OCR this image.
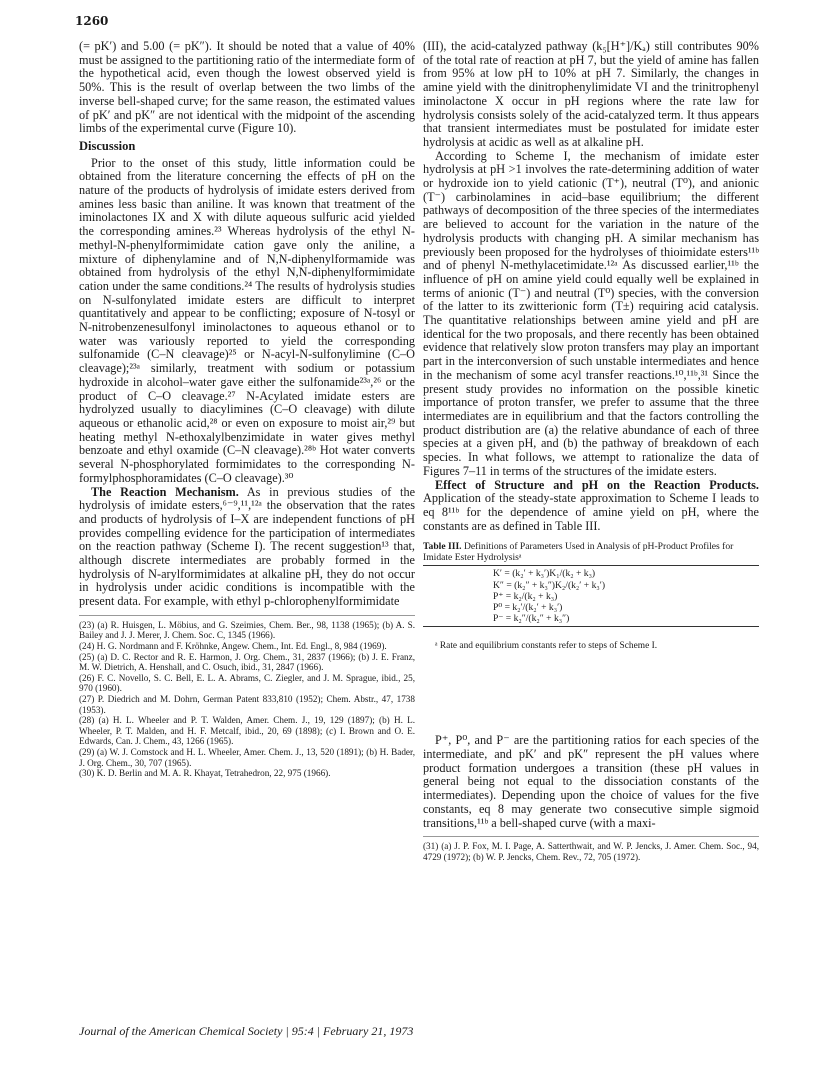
1260

(= pK′) and 5.00 (= pK″). It should be noted that a value of 40% must be assigned to the partitioning ratio of the intermediate form of the hypothetical acid, even though the lowest observed yield is 50%. This is the result of overlap between the two limbs of the inverse bell-shaped curve; for the same reason, the estimated values of pK′ and pK″ are not identical with the midpoint of the ascending limbs of the experimental curve (Figure 10).

Discussion

Prior to the onset of this study, little information could be obtained from the literature concerning the effects of pH on the nature of the products of hydrolysis of imidate esters derived from amines less basic than aniline. It was known that treatment of the iminolactones IX and X with dilute aqueous sulfuric acid yielded the corresponding amines.²³ Whereas hydrolysis of the ethyl N-methyl-N-phenylformimidate cation gave only the aniline, a mixture of diphenylamine and of N,N-diphenylformamide was obtained from hydrolysis of the ethyl N,N-diphenylformimidate cation under the same conditions.²⁴ The results of hydrolysis studies on N-sulfonylated imidate esters are difficult to interpret quantitatively and appear to be conflicting; exposure of N-tosyl or N-nitrobenzenesulfonyl iminolactones to aqueous ethanol or to water was variously reported to yield the corresponding sulfonamide (C–N cleavage)²⁵ or N-acyl-N-sulfonylimine (C–O cleavage);²³ᵃ similarly, treatment with sodium or potassium hydroxide in alcohol–water gave either the sulfonamide²³ᵃ,²⁶ or the product of C–O cleavage.²⁷ N-Acylated imidate esters are hydrolyzed usually to diacylimines (C–O cleavage) with dilute aqueous or ethanolic acid,²⁸ or even on exposure to moist air,²⁹ but heating methyl N-ethoxalylbenzimidate in water gives methyl benzoate and ethyl oxamide (C–N cleavage).²⁸ᵇ Hot water converts several N-phosphorylated formimidates to the corresponding N-formylphosphoramidates (C–O cleavage).³⁰

The Reaction Mechanism. As in previous studies of the hydrolysis of imidate esters,⁶⁻⁹,¹¹,¹²ᵃ the observation that the rates and products of hydrolysis of I–X are independent functions of pH provides compelling evidence for the participation of intermediates on the reaction pathway (Scheme I). The recent suggestion¹³ that, although discrete intermediates are probably formed in the hydrolysis of N-arylformimidates at alkaline pH, they do not occur in hydrolysis under acidic conditions is incompatible with the present data. For example, with ethyl p-chlorophenylformimidate

(23) (a) R. Huisgen, L. Möbius, and G. Szeimies, Chem. Ber., 98, 1138 (1965); (b) A. S. Bailey and J. J. Merer, J. Chem. Soc. C, 1345 (1966).

(24) H. G. Nordmann and F. Kröhnke, Angew. Chem., Int. Ed. Engl., 8, 984 (1969).

(25) (a) D. C. Rector and R. E. Harmon, J. Org. Chem., 31, 2837 (1966); (b) J. E. Franz, M. W. Dietrich, A. Henshall, and C. Osuch, ibid., 31, 2847 (1966).

(26) F. C. Novello, S. C. Bell, E. L. A. Abrams, C. Ziegler, and J. M. Sprague, ibid., 25, 970 (1960).

(27) P. Diedrich and M. Dohrn, German Patent 833,810 (1952); Chem. Abstr., 47, 1738 (1953).

(28) (a) H. L. Wheeler and P. T. Walden, Amer. Chem. J., 19, 129 (1897); (b) H. L. Wheeler, P. T. Malden, and H. F. Metcalf, ibid., 20, 69 (1898); (c) I. Brown and O. E. Edwards, Can. J. Chem., 43, 1266 (1965).

(29) (a) W. J. Comstock and H. L. Wheeler, Amer. Chem. J., 13, 520 (1891); (b) H. Bader, J. Org. Chem., 30, 707 (1965).

(30) K. D. Berlin and M. A. R. Khayat, Tetrahedron, 22, 975 (1966).

(III), the acid-catalyzed pathway (k₅[H⁺]/Kₐ) still contributes 90% of the total rate of reaction at pH 7, but the yield of amine has fallen from 95% at low pH to 10% at pH 7. Similarly, the changes in amine yield with the dinitrophenylimidate VI and the trinitrophenyl iminolactone X occur in pH regions where the rate law for hydrolysis consists solely of the acid-catalyzed term. It thus appears that transient intermediates must be postulated for imidate ester hydrolysis at acidic as well as at alkaline pH.

According to Scheme I, the mechanism of imidate ester hydrolysis at pH >1 involves the rate-determining addition of water or hydroxide ion to yield cationic (T⁺), neutral (T⁰), and anionic (T⁻) carbinolamines in acid–base equilibrium; the different pathways of decomposition of the three species of the intermediates are believed to account for the variation in the nature of the hydrolysis products with changing pH. A similar mechanism has previously been proposed for the hydrolyses of thioimidate esters¹¹ᵇ and of phenyl N-methylacetimidate.¹²ᵃ As discussed earlier,¹¹ᵇ the influence of pH on amine yield could equally well be explained in terms of anionic (T⁻) and neutral (T⁰) species, with the conversion of the latter to its zwitterionic form (T±) requiring acid catalysis. The quantitative relationships between amine yield and pH are identical for the two proposals, and there recently has been obtained evidence that relatively slow proton transfers may play an important part in the interconversion of such unstable intermediates and hence in the mechanism of some acyl transfer reactions.¹⁰,¹¹ᵇ,³¹ Since the present study provides no information on the possible kinetic importance of proton transfer, we prefer to assume that the three intermediates are in equilibrium and that the factors controlling the product distribution are (a) the relative abundance of each of three species at a given pH, and (b) the pathway of breakdown of each species. In what follows, we attempt to rationalize the data of Figures 7–11 in terms of the structures of the imidate esters.

Effect of Structure and pH on the Reaction Products. Application of the steady-state approximation to Scheme I leads to eq 8¹¹ᵇ for the dependence of amine yield on pH, where the constants are as defined in Table III.

Table III. Definitions of Parameters Used in Analysis of pH-Product Profiles for Imidate Ester Hydrolysisᵃ
K′ = (k₂′ + k₃′)K₁/(k₂ + k₃)
K″ = (k₂″ + k₃″)K₂/(k₂′ + k₃′)
P⁺ = k₂/(k₂ + k₃)
P⁰ = k₂′/(k₂′ + k₃′)
P⁻ = k₂″/(k₂″ + k₃″)
ᵃ Rate and equilibrium constants refer to steps of Scheme I.

P⁺, P⁰, and P⁻ are the partitioning ratios for each species of the intermediate, and pK′ and pK″ represent the pH values where product formation undergoes a transition (these pH values in general being not equal to the dissociation constants of the intermediates). Depending upon the choice of values for the five constants, eq 8 may generate two consecutive simple sigmoid transitions,¹¹ᵇ a bell-shaped curve (with a maxi-

(31) (a) J. P. Fox, M. I. Page, A. Satterthwait, and W. P. Jencks, J. Amer. Chem. Soc., 94, 4729 (1972); (b) W. P. Jencks, Chem. Rev., 72, 705 (1972).

Journal of the American Chemical Society | 95:4 | February 21, 1973
